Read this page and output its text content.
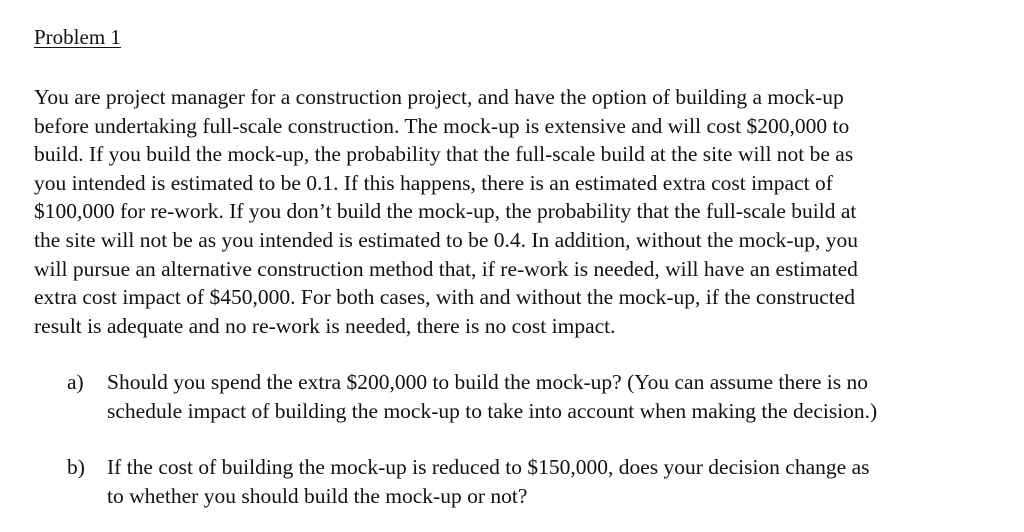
Problem 1
You are project manager for a construction project, and have the option of building a mock-up
before undertaking full-scale construction. The mock-up is extensive and will cost $200,000 to
build. If you build the mock-up, the probability that the full-scale build at the site will not be as
you intended is estimated to be 0.1. If this happens, there is an estimated extra cost impact of
$100,000 for re-work. If you don’t build the mock-up, the probability that the full-scale build at
the site will not be as you intended is estimated to be 0.4. In addition, without the mock-up, you
will pursue an alternative construction method that, if re-work is needed, will have an estimated
extra cost impact of $450,000. For both cases, with and without the mock-up, if the constructed
result is adequate and no re-work is needed, there is no cost impact.
a)	Should you spend the extra $200,000 to build the mock-up? (You can assume there is no
schedule impact of building the mock-up to take into account when making the decision.)
b)	If the cost of building the mock-up is reduced to $150,000, does your decision change as
to whether you should build the mock-up or not?
